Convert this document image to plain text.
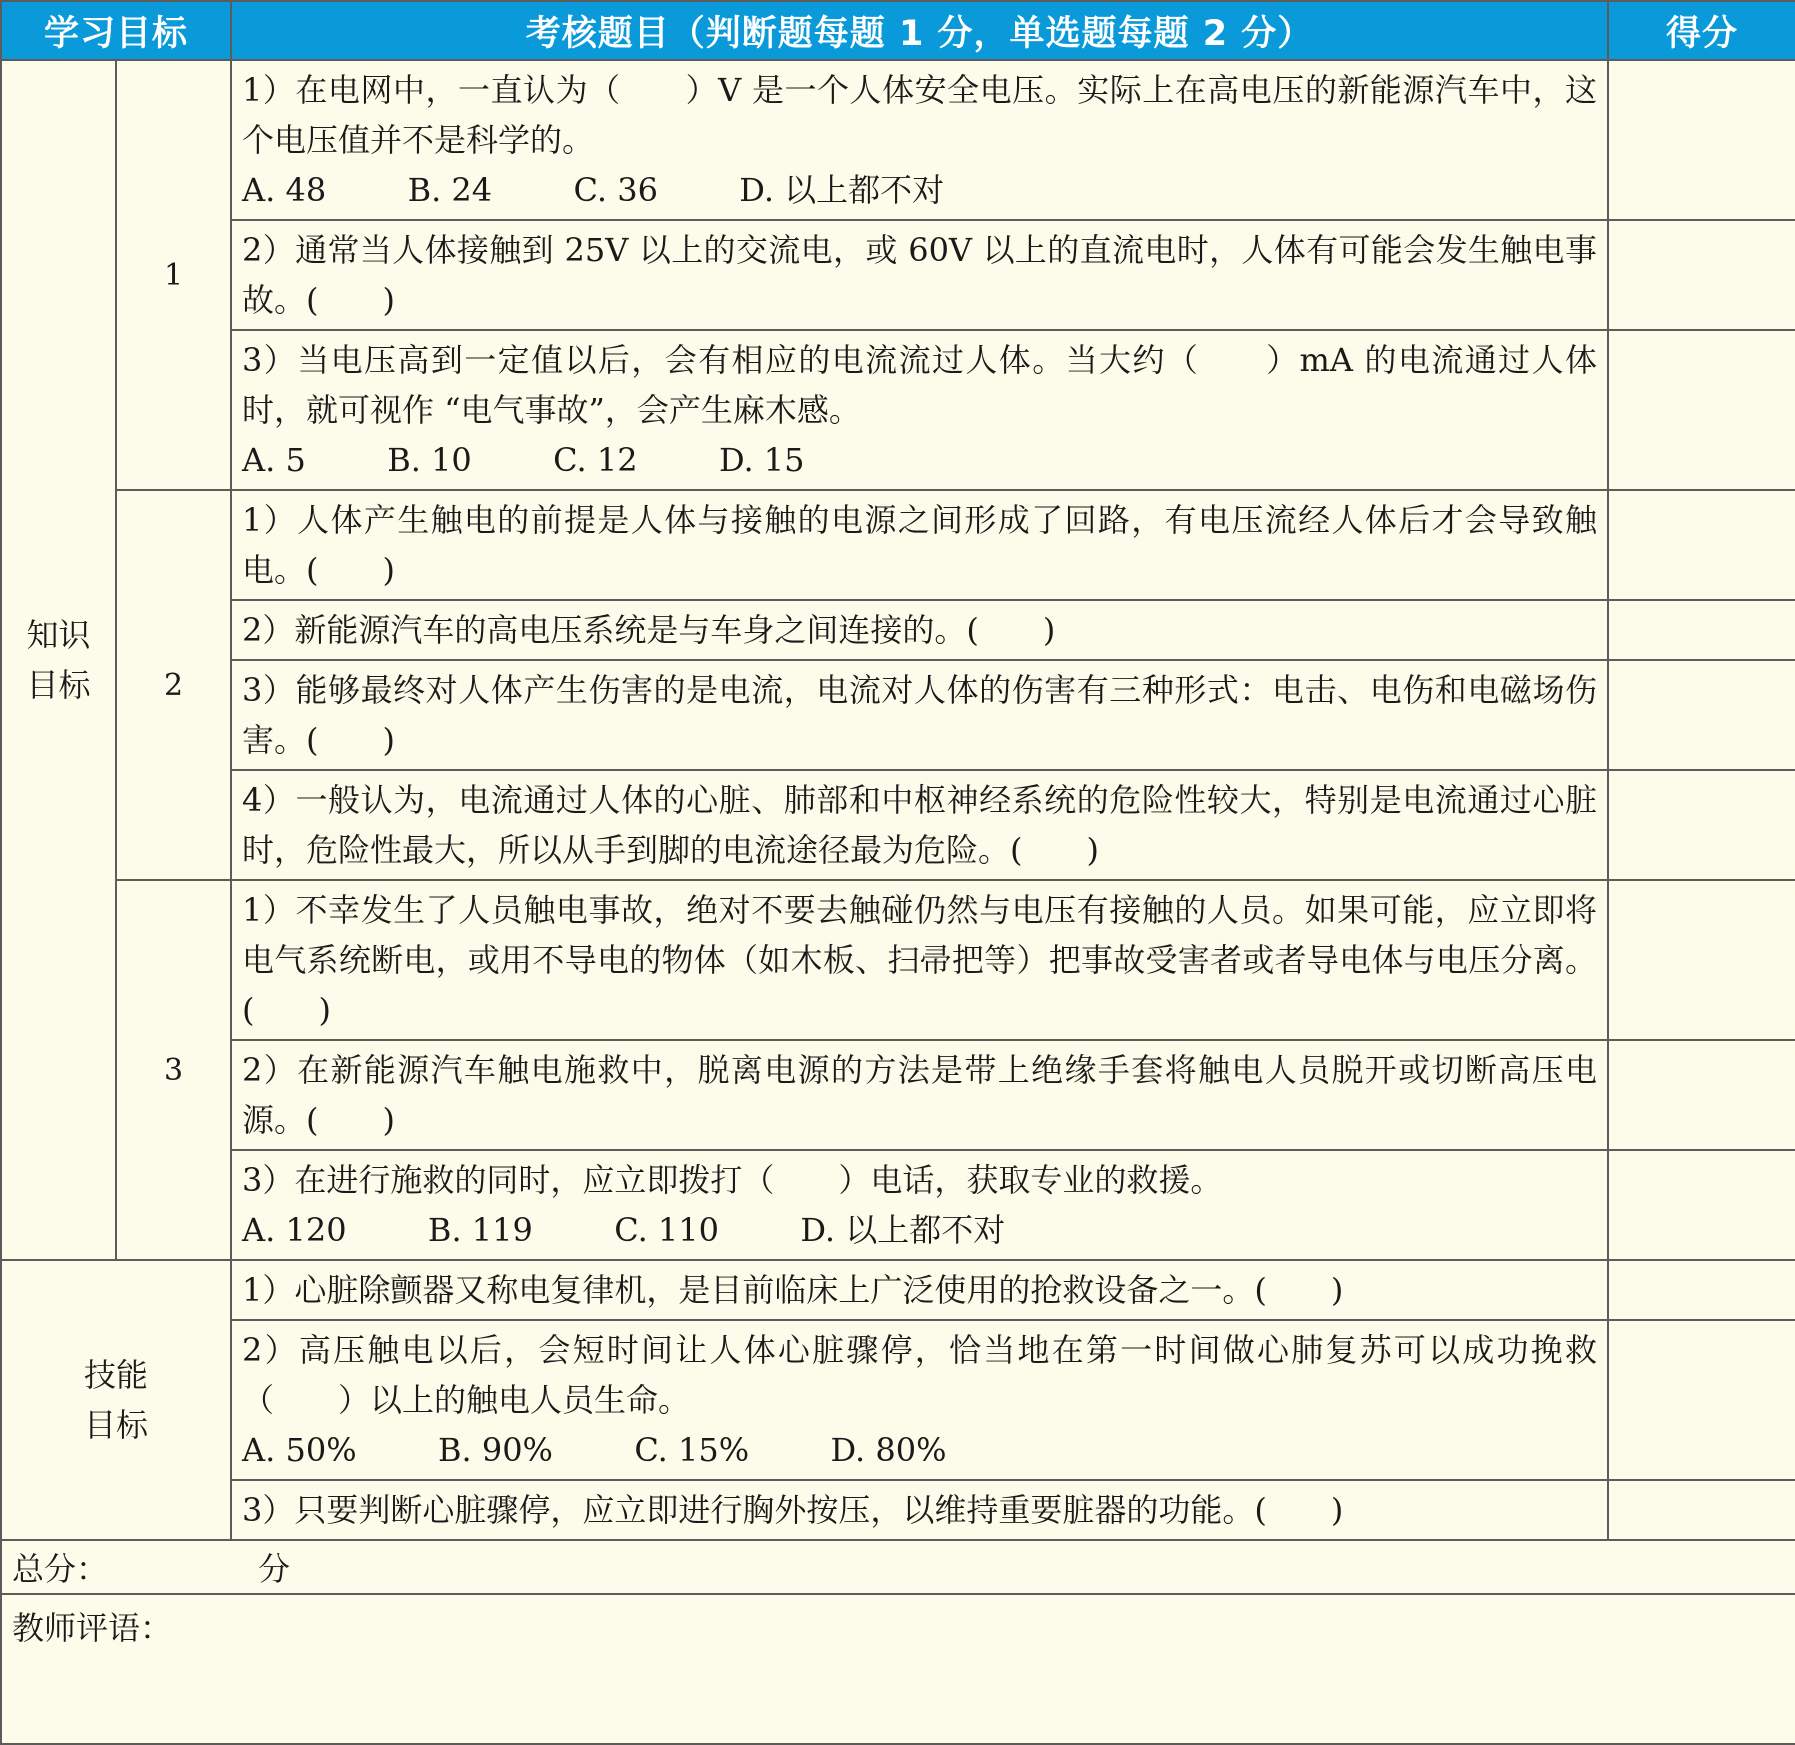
学习目标		考核题目（判断题每题 1 分，单选题每题 2 分）	得分
知识
目标	1	1）在电网中，一直认为（　　）V 是一个人体安全电压。实际上在高电压的新能源汽车中，这个电压值并不是科学的。
A. 48        B. 24        C. 36        D. 以上都不对	
		2）通常当人体接触到 25V 以上的交流电，或 60V 以上的直流电时，人体有可能会发生触电事故。(　　)	
		3）当电压高到一定值以后，会有相应的电流流过人体。当大约（　　）mA 的电流通过人体时，就可视作 “电气事故”，会产生麻木感。
A. 5        B. 10        C. 12        D. 15	
	2	1）人体产生触电的前提是人体与接触的电源之间形成了回路，有电压流经人体后才会导致触电。(　　)	
		2）新能源汽车的高电压系统是与车身之间连接的。(　　)	
		3）能够最终对人体产生伤害的是电流，电流对人体的伤害有三种形式：电击、电伤和电磁场伤害。(　　)	
		4）一般认为，电流通过人体的心脏、肺部和中枢神经系统的危险性较大，特别是电流通过心脏时，危险性最大，所以从手到脚的电流途径最为危险。(　　)	
	3	1）不幸发生了人员触电事故，绝对不要去触碰仍然与电压有接触的人员。如果可能，应立即将电气系统断电，或用不导电的物体（如木板、扫帚把等）把事故受害者或者导电体与电压分离。(　　)	
		2）在新能源汽车触电施救中，脱离电源的方法是带上绝缘手套将触电人员脱开或切断高压电源。(　　)	
		3）在进行施救的同时，应立即拨打（　　）电话，获取专业的救援。
A. 120        B. 119        C. 110        D. 以上都不对	
技能
目标		1）心脏除颤器又称电复律机，是目前临床上广泛使用的抢救设备之一。(　　)	
		2）高压触电以后，会短时间让人体心脏骤停，恰当地在第一时间做心肺复苏可以成功挽救（　　）以上的触电人员生命。
A. 50%        B. 90%        C. 15%        D. 80%	
		3）只要判断心脏骤停，应立即进行胸外按压，以维持重要脏器的功能。(　　)	
总分： 分			
教师评语：			
